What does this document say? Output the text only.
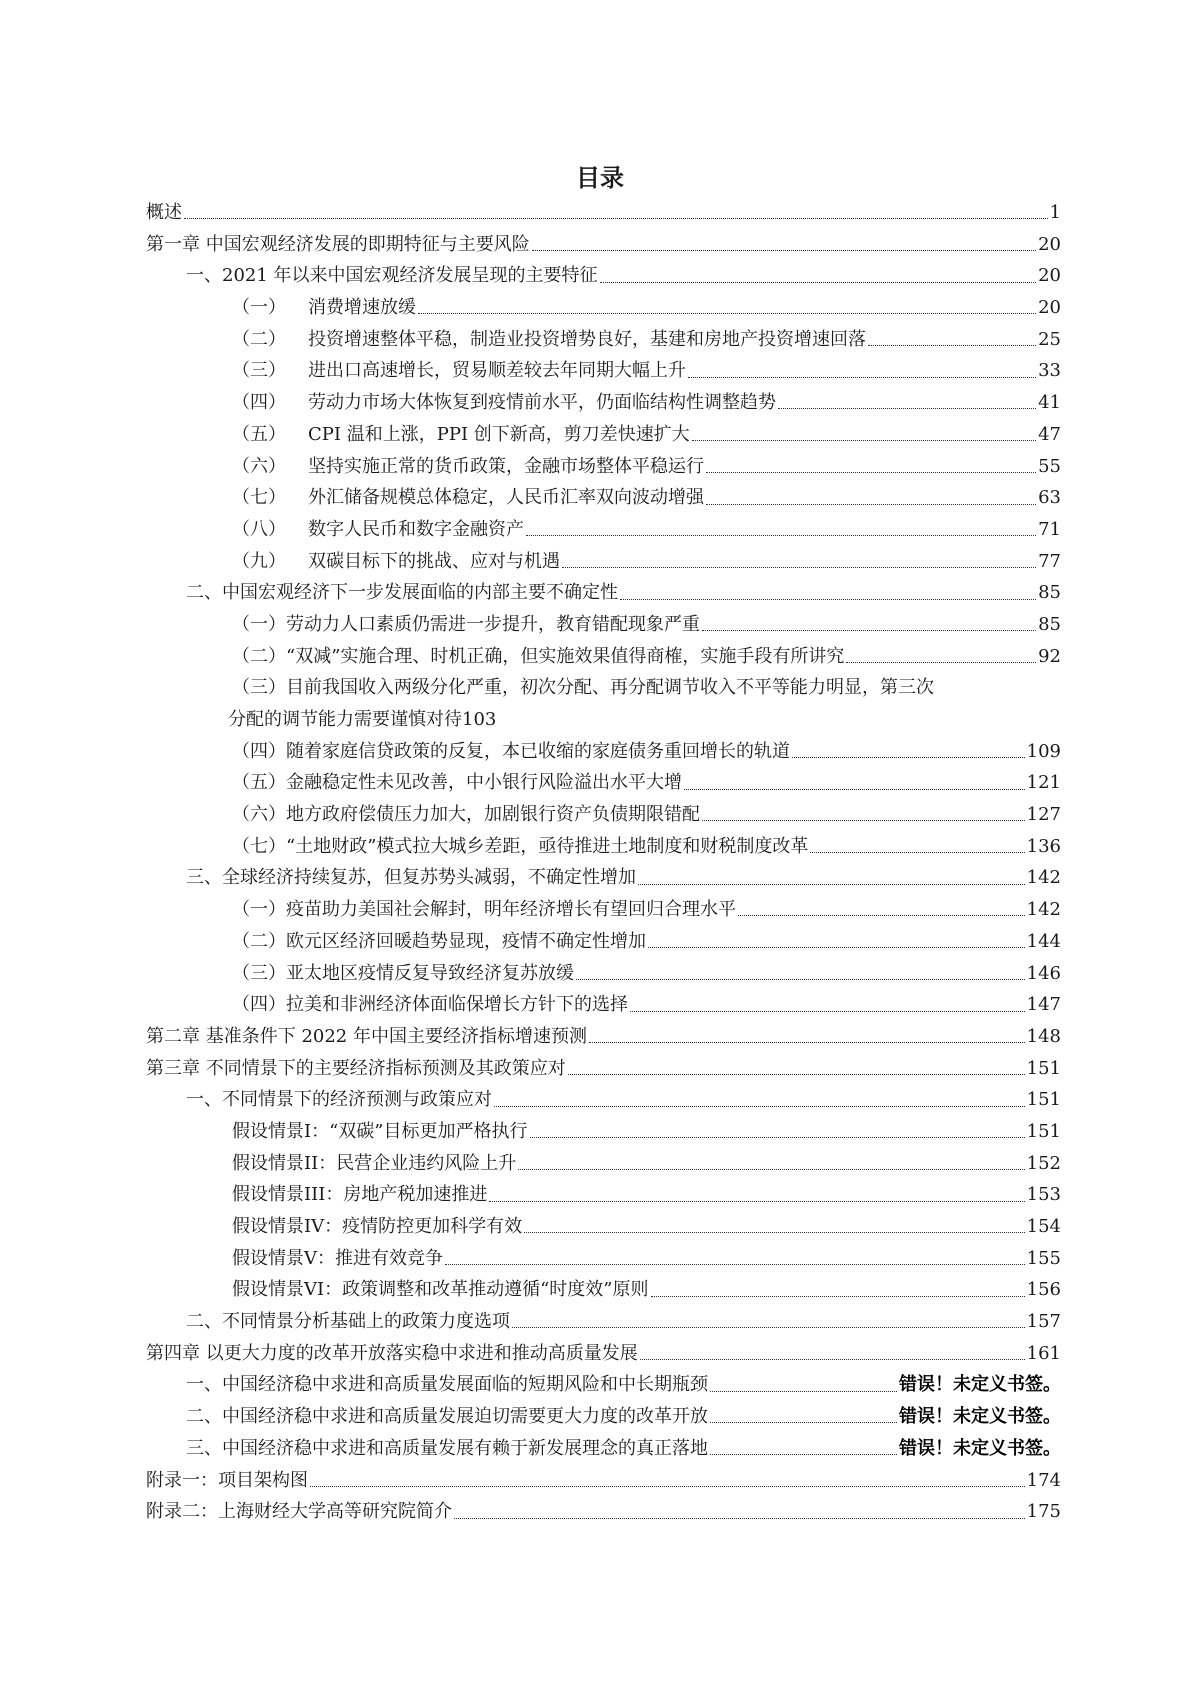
目录
概述	1
第一章 中国宏观经济发展的即期特征与主要风险	20
一、2021 年以来中国宏观经济发展呈现的主要特征	20
（一）	消费增速放缓	20
（二）	投资增速整体平稳，制造业投资增势良好，基建和房地产投资增速回落	25
（三）	进出口高速增长，贸易顺差较去年同期大幅上升	33
（四）	劳动力市场大体恢复到疫情前水平，仍面临结构性调整趋势	41
（五）	CPI 温和上涨，PPI 创下新高，剪刀差快速扩大	47
（六）	坚持实施正常的货币政策，金融市场整体平稳运行	55
（七）	外汇储备规模总体稳定，人民币汇率双向波动增强	63
（八）	数字人民币和数字金融资产	71
（九）	双碳目标下的挑战、应对与机遇	77
二、中国宏观经济下一步发展面临的内部主要不确定性	85
（一）劳动力人口素质仍需进一步提升，教育错配现象严重	85
（二）“双减”实施合理、时机正确，但实施效果值得商榷，实施手段有所讲究	92
（三）目前我国收入两级分化严重，初次分配、再分配调节收入不平等能力明显，第三次
分配的调节能力需要谨慎对待 103
（四）随着家庭信贷政策的反复，本已收缩的家庭债务重回增长的轨道	109
（五）金融稳定性未见改善，中小银行风险溢出水平大增	121
（六）地方政府偿债压力加大，加剧银行资产负债期限错配	127
（七）“土地财政”模式拉大城乡差距，亟待推进土地制度和财税制度改革	136
三、全球经济持续复苏，但复苏势头减弱，不确定性增加	142
（一）疫苗助力美国社会解封，明年经济增长有望回归合理水平	142
（二）欧元区经济回暖趋势显现，疫情不确定性增加	144
（三）亚太地区疫情反复导致经济复苏放缓	146
（四）拉美和非洲经济体面临保增长方针下的选择	147
第二章 基准条件下 2022 年中国主要经济指标增速预测	148
第三章 不同情景下的主要经济指标预测及其政策应对	151
一、不同情景下的经济预测与政策应对	151
假设情景I：“双碳”目标更加严格执行	151
假设情景II：民营企业违约风险上升	152
假设情景III：房地产税加速推进	153
假设情景IV：疫情防控更加科学有效	154
假设情景V：推进有效竞争	155
假设情景VI：政策调整和改革推动遵循“时度效”原则	156
二、不同情景分析基础上的政策力度选项	157
第四章 以更大力度的改革开放落实稳中求进和推动高质量发展	161
一、中国经济稳中求进和高质量发展面临的短期风险和中长期瓶颈	错误！未定义书签。
二、中国经济稳中求进和高质量发展迫切需要更大力度的改革开放	错误！未定义书签。
三、中国经济稳中求进和高质量发展有赖于新发展理念的真正落地	错误！未定义书签。
附录一：项目架构图	174
附录二：上海财经大学高等研究院简介	175
